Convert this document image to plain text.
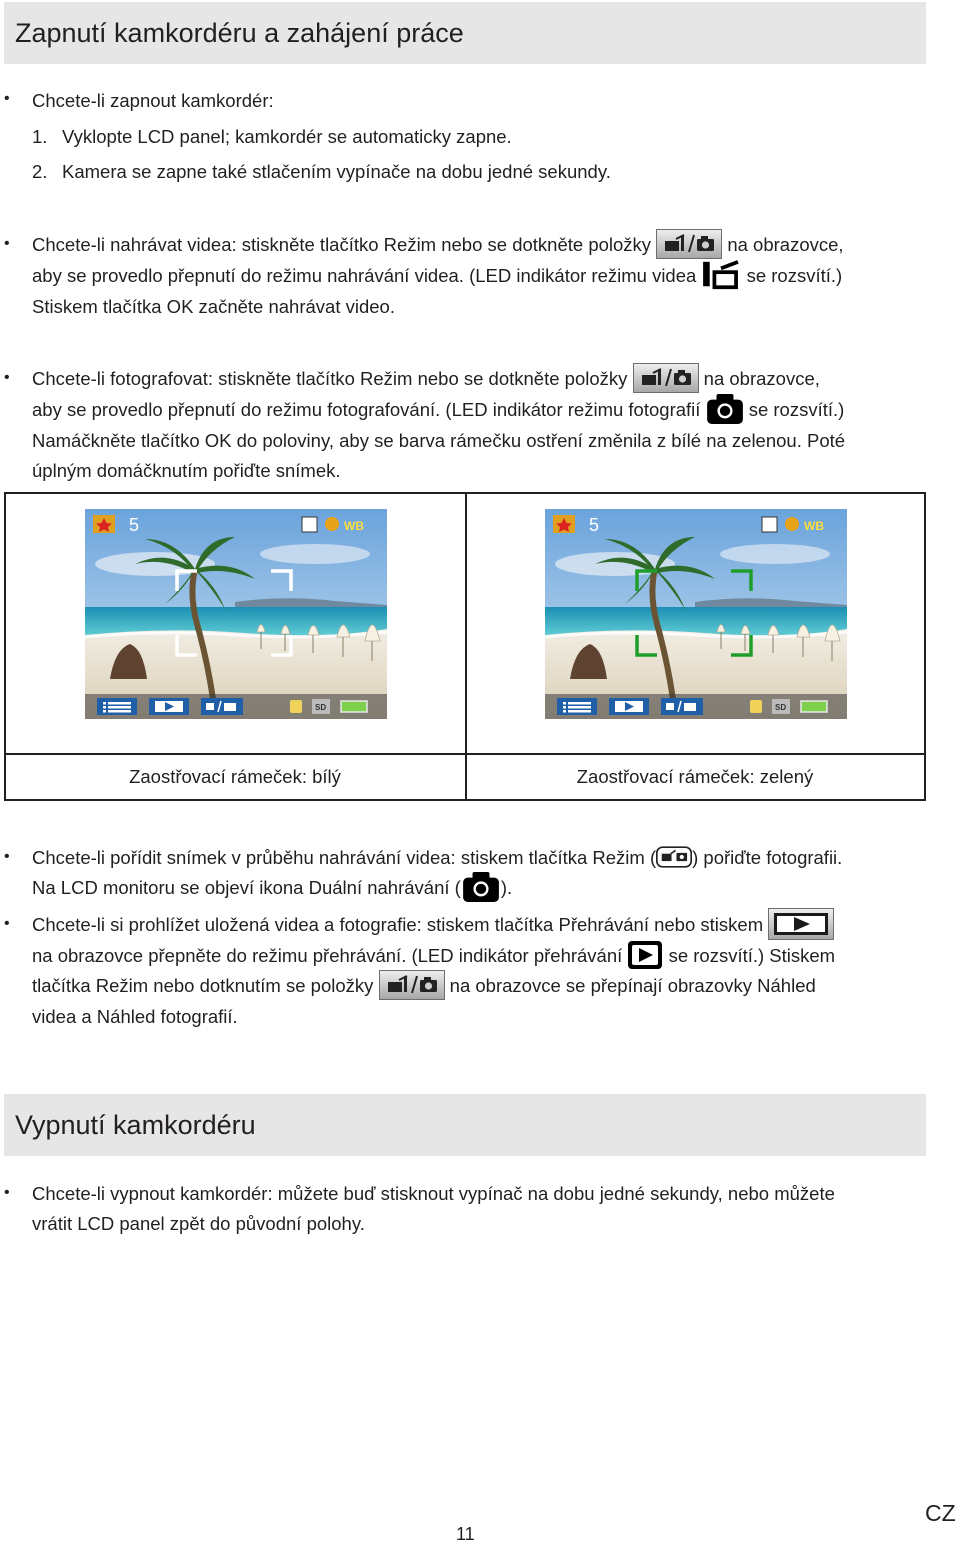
Zapnutí kamkordéru a zahájení práce
• Chcete-li zapnout kamkordér:
1. Vyklopte LCD panel; kamkordér se automaticky zapne.
2. Kamera se zapne také stlačením vypínače na dobu jedné sekundy.
• Chcete-li nahrávat videa: stiskněte tlačítko Režim nebo se dotkněte položky	na obrazovce,
aby se provedlo přepnutí do režimu nahrávání videa. (LED indikátor režimu videa	se rozsvítí.)
Stiskem tlačítka OK začněte nahrávat video.
• Chcete-li fotografovat: stiskněte tlačítko Režim nebo se dotkněte položky	na obrazovce,
aby se provedlo přepnutí do režimu fotografování. (LED indikátor režimu fotografií	se rozsvítí.)
Namáčkněte tlačítko OK do poloviny, aby se barva rámečku ostření změnila z bílé na zelenou. Poté
úplným domáčknutím pořiďte snímek.
5	WB
SD
5	WB
SD
Zaostřovací rámeček: bílý	Zaostřovací rámeček: zelený
• Chcete-li pořídit snímek v průběhu nahrávání videa: stiskem tlačítka Režim ( ) pořiďte fotografii.
Na LCD monitoru se objeví ikona Duální nahrávání ( ).
• Chcete-li si prohlížet uložená videa a fotografie: stiskem tlačítka Přehrávání nebo stiskem
na obrazovce přepněte do režimu přehrávání. (LED indikátor přehrávání	se rozsvítí.) Stiskem
tlačítka Režim nebo dotknutím se položky	na obrazovce se přepínají obrazovky Náhled
videa a Náhled fotografií.
Vypnutí kamkordéru
• Chcete-li vypnout kamkordér: můžete buď stisknout vypínač na dobu jedné sekundy, nebo můžete
vrátit LCD panel zpět do původní polohy.
11
CZ
